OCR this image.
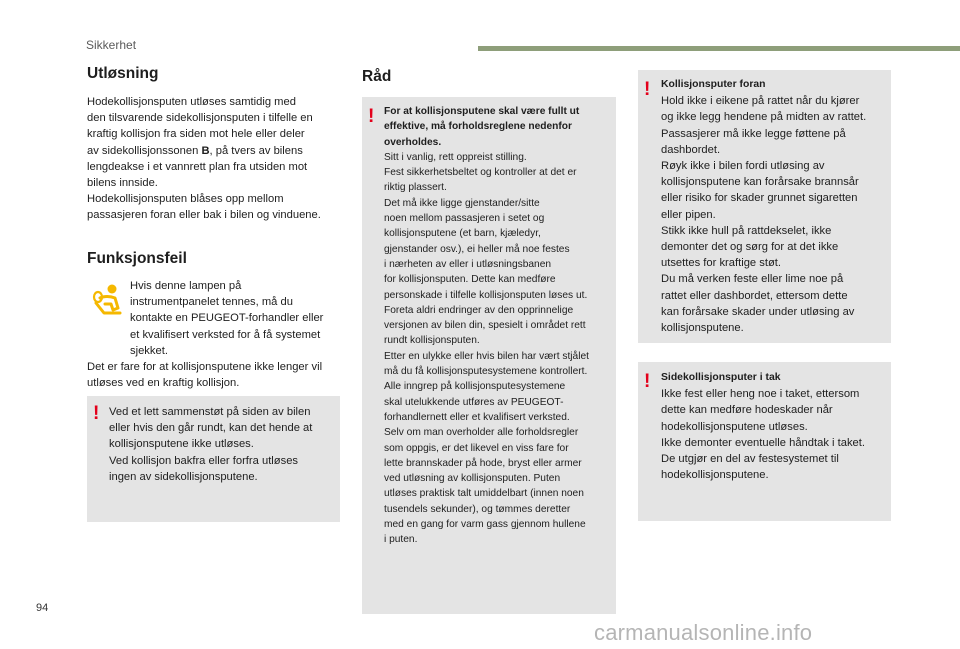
Sikkerhet
Utløsning

Hodekollisjonsputen utløses samtidig med
den tilsvarende sidekollisjonsputen i tilfelle en
kraftig kollisjon fra siden mot hele eller deler
av sidekollisjonssonen B, på tvers av bilens
lengdeakse i et vannrett plan fra utsiden mot
bilens innside.
Hodekollisjonsputen blåses opp mellom
passasjeren foran eller bak i bilen og vinduene.

Funksjonsfeil

Hvis denne lampen på
instrumentpanelet tennes, må du
kontakte en PEUGEOT-forhandler eller
et kvalifisert verksted for å få systemet
sjekket.

Det er fare for at kollisjonsputene ikke lenger vil
utløses ved en kraftig kollisjon.

! Ved et lett sammenstøt på siden av bilen
eller hvis den går rundt, kan det hende at
kollisjonsputene ikke utløses.
Ved kollisjon bakfra eller forfra utløses
ingen av sidekollisjonsputene.

Råd
! For at kollisjonsputene skal være fullt ut
effektive, må forholdsreglene nedenfor
overholdes.
Sitt i vanlig, rett oppreist stilling.
Fest sikkerhetsbeltet og kontroller at det er
riktig plassert.
Det må ikke ligge gjenstander/sitte
noen mellom passasjeren i setet og
kollisjonsputene (et barn, kjæledyr,
gjenstander osv.), ei heller må noe festes
i nærheten av eller i utløsningsbanen
for kollisjonsputen. Dette kan medføre
personskade i tilfelle kollisjonsputen løses ut.
Foreta aldri endringer av den opprinnelige
versjonen av bilen din, spesielt i området rett
rundt kollisjonsputen.
Etter en ulykke eller hvis bilen har vært stjålet
må du få kollisjonsputesystemene kontrollert.
Alle inngrep på kollisjonsputesystemene
skal utelukkende utføres av PEUGEOT-
forhandlernett eller et kvalifisert verksted.
Selv om man overholder alle forholdsregler
som oppgis, er det likevel en viss fare for
lette brannskader på hode, bryst eller armer
ved utløsning av kollisjonsputen. Puten
utløses praktisk talt umiddelbart (innen noen
tusendels sekunder), og tømmes deretter
med en gang for varm gass gjennom hullene
i puten.
! Kollisjonsputer foran
Hold ikke i eikene på rattet når du kjører
og ikke legg hendene på midten av rattet.
Passasjerer må ikke legge føttene på
dashbordet.
Røyk ikke i bilen fordi utløsing av
kollisjonsputene kan forårsake brannsår
eller risiko for skader grunnet sigaretten
eller pipen.
Stikk ikke hull på rattdekselet, ikke
demonter det og sørg for at det ikke
utsettes for kraftige støt.
Du må verken feste eller lime noe på
rattet eller dashbordet, ettersom dette
kan forårsake skader under utløsing av
kollisjonsputene.
! Sidekollisjonsputer i tak
Ikke fest eller heng noe i taket, ettersom
dette kan medføre hodeskader når
hodekollisjonsputene utløses.
Ikke demonter eventuelle håndtak i taket.
De utgjør en del av festesystemet til
hodekollisjonsputene.
94
carmanualsonline.info
